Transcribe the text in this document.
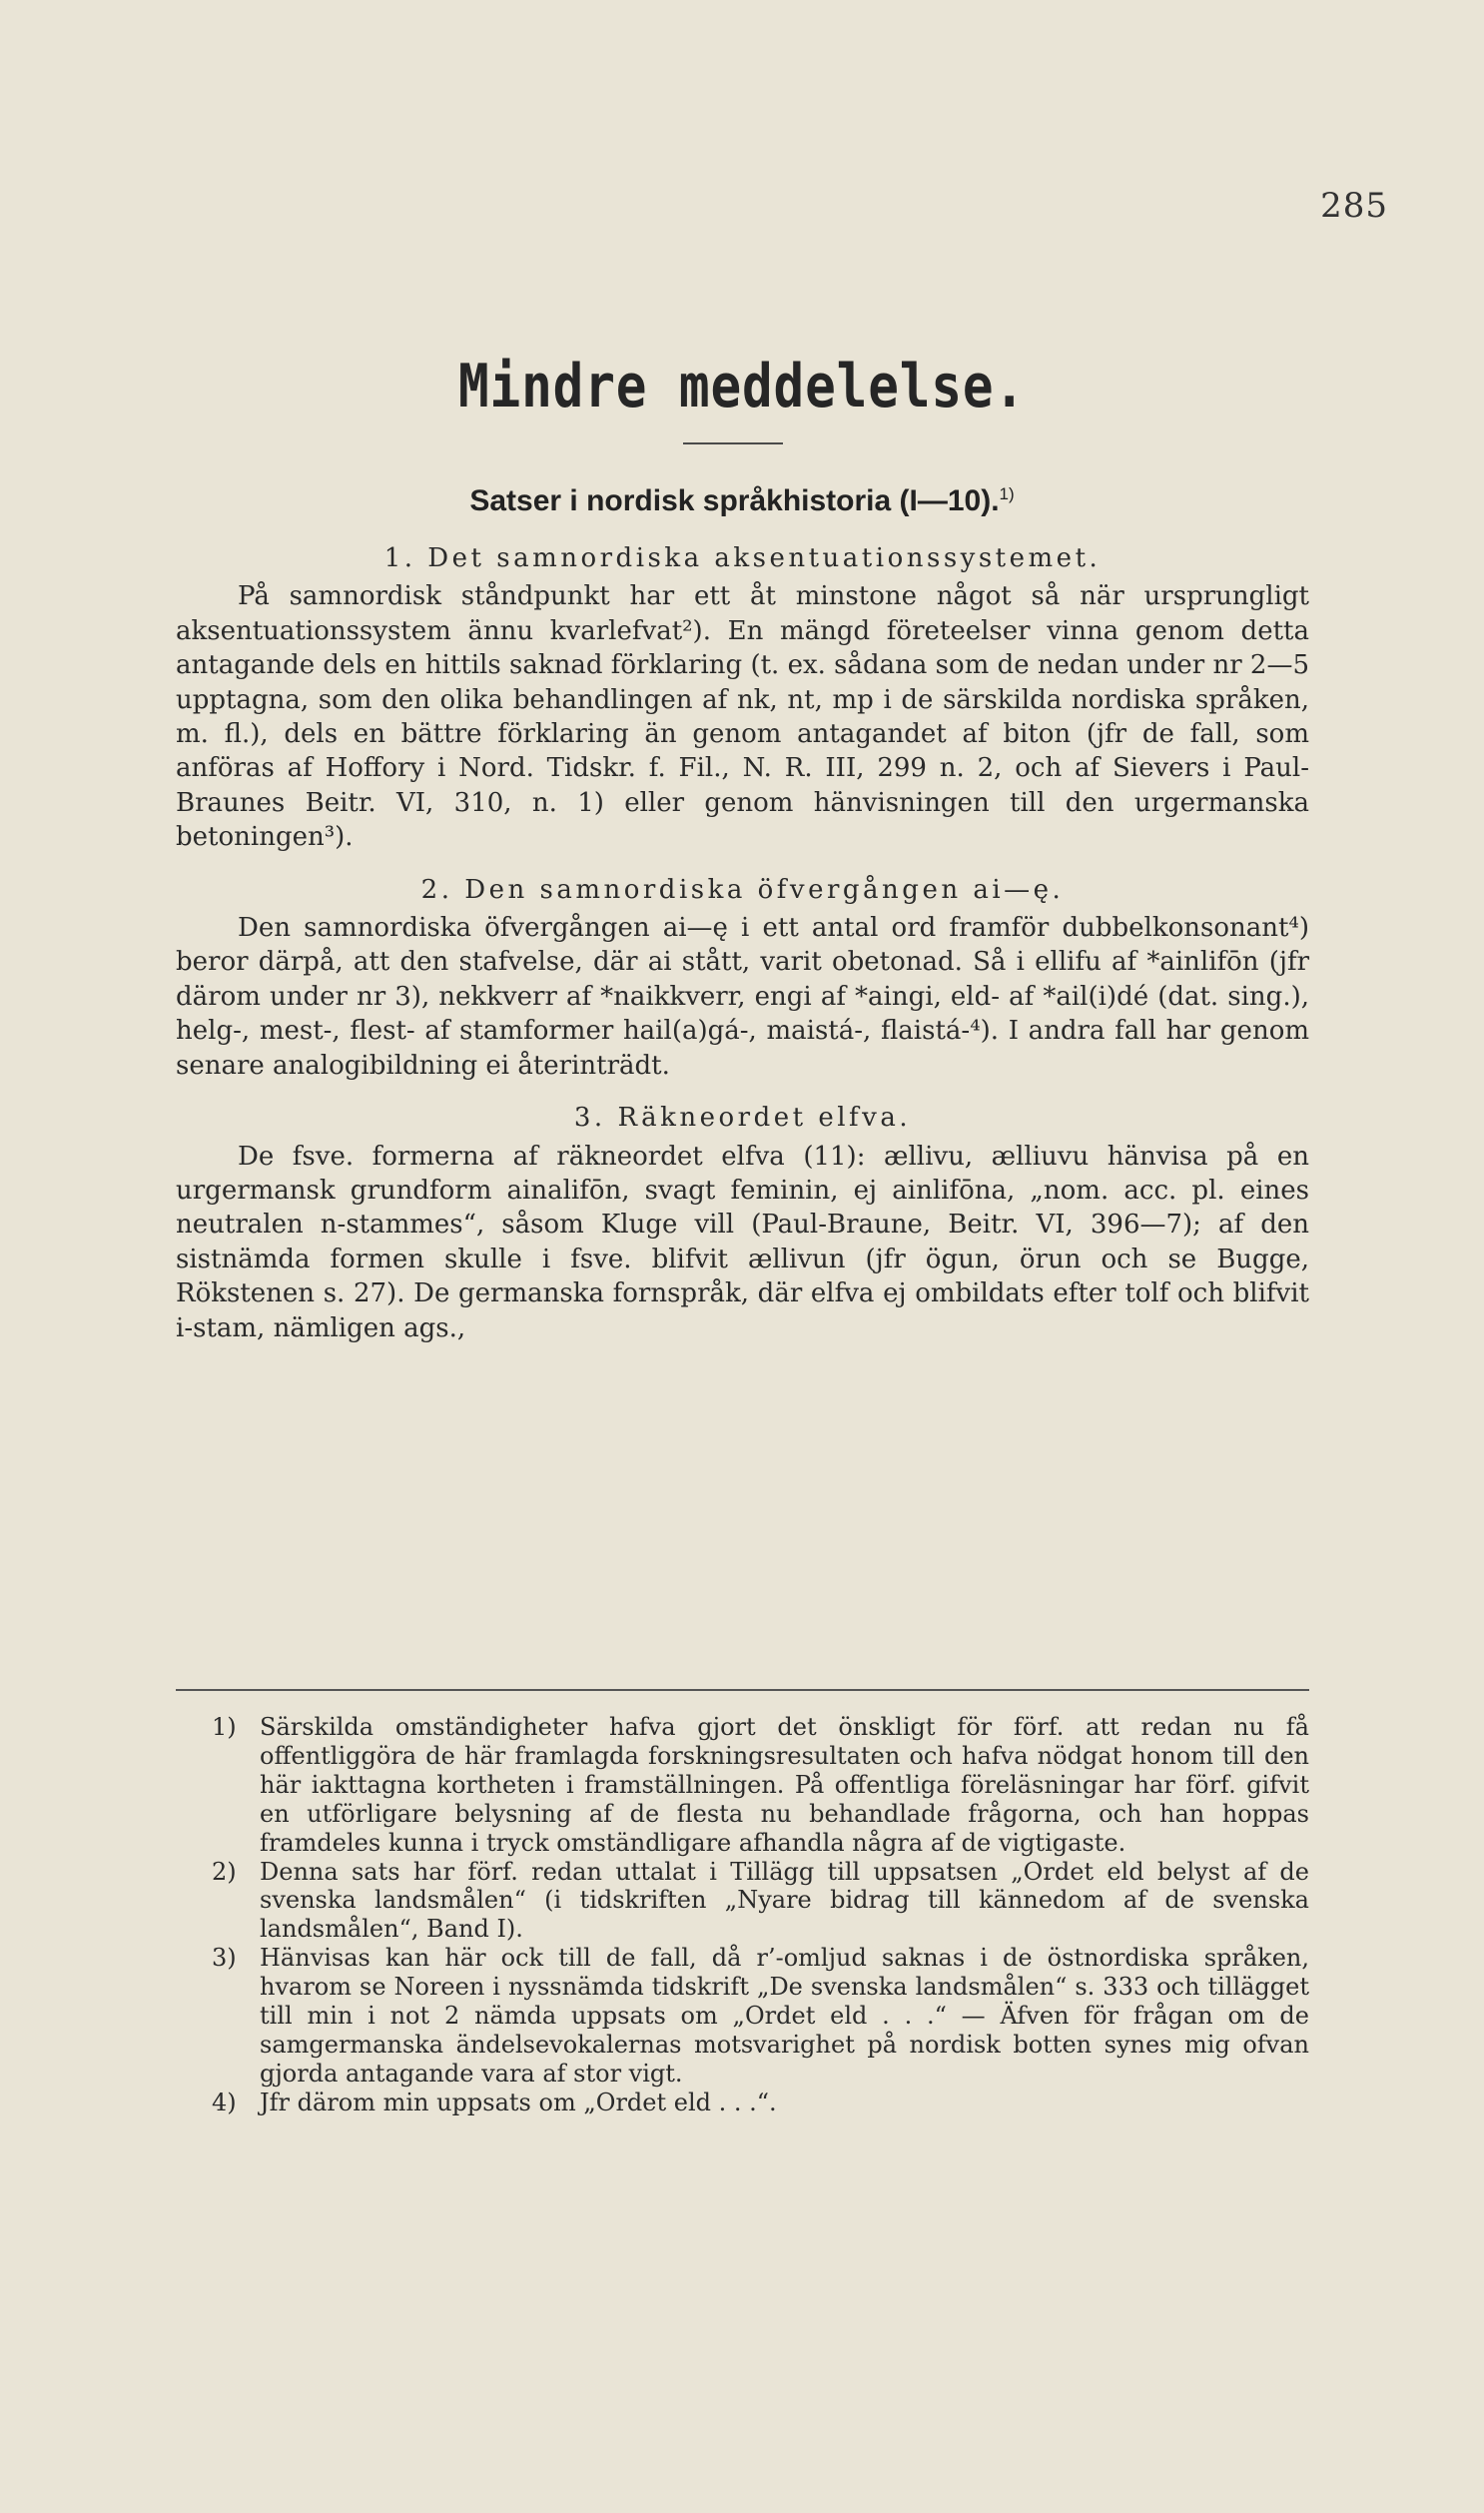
285
Mindre meddelelse.
Satser i nordisk språkhistoria (I—10).$^{1)}$

1. Det samnordiska aksentuationssystemet.

På samnordisk ståndpunkt har ett åt minstone något så när ursprungligt aksentuationssystem ännu kvarlefvat²). En mängd företeelser vinna genom detta antagande dels en hittils saknad förklaring (t. ex. sådana som de nedan under nr 2—5 upptagna, som den olika behandlingen af nk, nt, mp i de särskilda nordiska språken, m. fl.), dels en bättre förklaring än genom antagandet af biton (jfr de fall, som anföras af Hoffory i Nord. Tidskr. f. Fil., N. R. III, 299 n. 2, och af Sievers i Paul-Braunes Beitr. VI, 310, n. 1) eller genom hänvisningen till den urgermanska betoningen³).

2. Den samnordiska öfvergången ai—ę.

Den samnordiska öfvergången ai—ę i ett antal ord framför dubbelkonsonant⁴) beror därpå, att den stafvelse, där ai stått, varit obetonad. Så i ellifu af *ainlifōn (jfr därom under nr 3), nekkverr af *naikkverr, engi af *aingi, eld- af *ail(i)dé (dat. sing.), helg-, mest-, flest- af stamformer hail(a)gá-, maistá-, flaistá-⁴). I andra fall har genom senare analogibildning ei återinträdt.

3. Räkneordet elfva.

De fsve. formerna af räkneordet elfva (11): ællivu, ælliuvu hänvisa på en urgermansk grundform ainalifōn, svagt feminin, ej ainlifōna, „nom. acc. pl. eines neutralen n-stammes“, såsom Kluge vill (Paul-Braune, Beitr. VI, 396—7); af den sistnämda formen skulle i fsve. blifvit ællivun (jfr ögun, örun och se Bugge, Rökstenen s. 27). De germanska fornspråk, där elfva ej ombildats efter tolf och blifvit i-stam, nämligen ags.,

1) Särskilda omständigheter hafva gjort det önskligt för förf. att redan nu få offentliggöra de här framlagda forskningsresultaten och hafva nödgat honom till den här iakttagna kortheten i framställningen. På offentliga föreläsningar har förf. gifvit en utförligare belysning af de flesta nu behandlade frågorna, och han hoppas framdeles kunna i tryck omständligare afhandla några af de vigtigaste.
2) Denna sats har förf. redan uttalat i Tillägg till uppsatsen „Ordet eld belyst af de svenska landsmålen“ (i tidskriften „Nyare bidrag till kännedom af de svenska landsmålen“, Band I).
3) Hänvisas kan här ock till de fall, då r’-omljud saknas i de östnordiska språken, hvarom se Noreen i nyssnämda tidskrift „De svenska landsmålen“ s. 333 och tillägget till min i not 2 nämda uppsats om „Ordet eld . . .“ — Äfven för frågan om de samgermanska ändelsevokalernas motsvarighet på nordisk botten synes mig ofvan gjorda antagande vara af stor vigt.
4) Jfr därom min uppsats om „Ordet eld . . .“.
